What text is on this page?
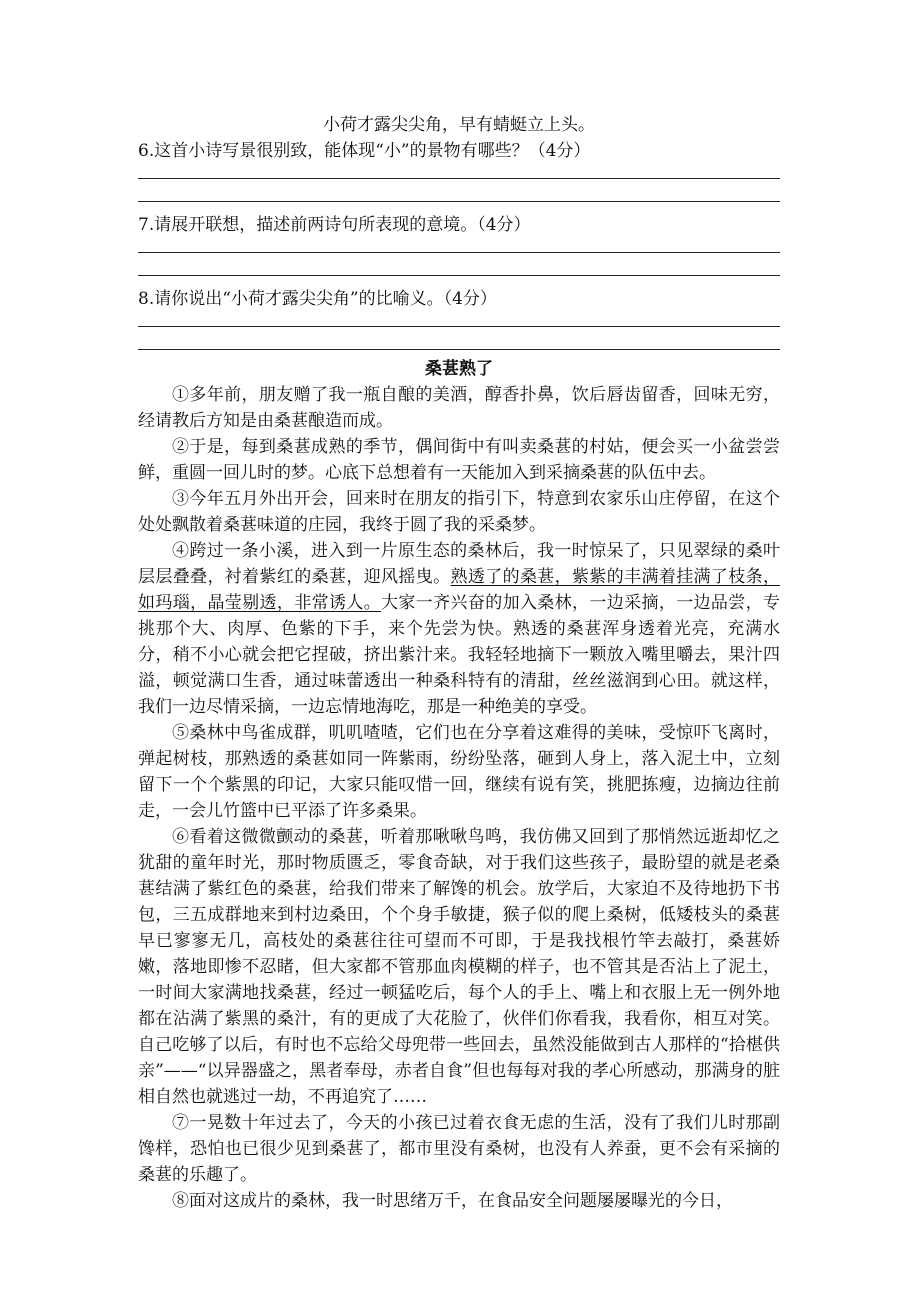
小荷才露尖尖角，早有蜻蜓立上头。

6.这首小诗写景很别致，能体现“小”的景物有哪些？（4分）

7.请展开联想，描述前两诗句所表现的意境。（4分）

8.请你说出“小荷才露尖尖角”的比喻义。（4分）

桑葚熟了

①多年前，朋友赠了我一瓶自酿的美酒，醇香扑鼻，饮后唇齿留香，回味无穷，经请教后方知是由桑葚酿造而成。

②于是，每到桑葚成熟的季节，偶间街中有叫卖桑葚的村姑，便会买一小盆尝尝鲜，重圆一回儿时的梦。心底下总想着有一天能加入到采摘桑葚的队伍中去。

③今年五月外出开会，回来时在朋友的指引下，特意到农家乐山庄停留，在这个处处飘散着桑葚味道的庄园，我终于圆了我的采桑梦。

④跨过一条小溪，进入到一片原生态的桑林后，我一时惊呆了，只见翠绿的桑叶层层叠叠，衬着紫红的桑葚，迎风摇曳。熟透了的桑葚，紫紫的丰满着挂满了枝条，如玛瑙，晶莹剔透，非常诱人。大家一齐兴奋的加入桑林，一边采摘，一边品尝，专挑那个大、肉厚、色紫的下手，来个先尝为快。熟透的桑葚浑身透着光亮，充满水分，稍不小心就会把它捏破，挤出紫汁来。我轻轻地摘下一颗放入嘴里嚼去，果汁四溢，顿觉满口生香，通过味蕾透出一种桑科特有的清甜，丝丝滋润到心田。就这样，我们一边尽情采摘，一边忘情地海吃，那是一种绝美的享受。

⑤桑林中鸟雀成群，叽叽喳喳，它们也在分享着这难得的美味，受惊吓飞离时，弹起树枝，那熟透的桑葚如同一阵紫雨，纷纷坠落，砸到人身上，落入泥土中，立刻留下一个个紫黑的印记，大家只能叹惜一回，继续有说有笑，挑肥拣瘦，边摘边往前走，一会儿竹篮中已平添了许多桑果。

⑥看着这微微颤动的桑葚，听着那啾啾鸟鸣，我仿佛又回到了那悄然远逝却忆之犹甜的童年时光，那时物质匮乏，零食奇缺，对于我们这些孩子，最盼望的就是老桑葚结满了紫红色的桑葚，给我们带来了解馋的机会。放学后，大家迫不及待地扔下书包，三五成群地来到村边桑田，个个身手敏捷，猴子似的爬上桑树，低矮枝头的桑葚早已寥寥无几，高枝处的桑葚往往可望而不可即，于是我找根竹竿去敲打，桑葚娇嫩，落地即惨不忍睹，但大家都不管那血肉模糊的样子，也不管其是否沾上了泥土，一时间大家满地找桑葚，经过一顿猛吃后，每个人的手上、嘴上和衣服上无一例外地都在沾满了紫黑的桑汁，有的更成了大花脸了，伙伴们你看我，我看你，相互对笑。自己吃够了以后，有时也不忘给父母兜带一些回去，虽然没能做到古人那样的“拾椹供亲”——“以异器盛之，黑者奉母，赤者自食”但也每每对我的孝心所感动，那满身的脏相自然也就逃过一劫，不再追究了……

⑦一晃数十年过去了，今天的小孩已过着衣食无虑的生活，没有了我们儿时那副馋样，恐怕也已很少见到桑葚了，都市里没有桑树，也没有人养蚕，更不会有采摘的桑葚的乐趣了。

⑧面对这成片的桑林，我一时思绪万千，在食品安全问题屡屡曝光的今日，
